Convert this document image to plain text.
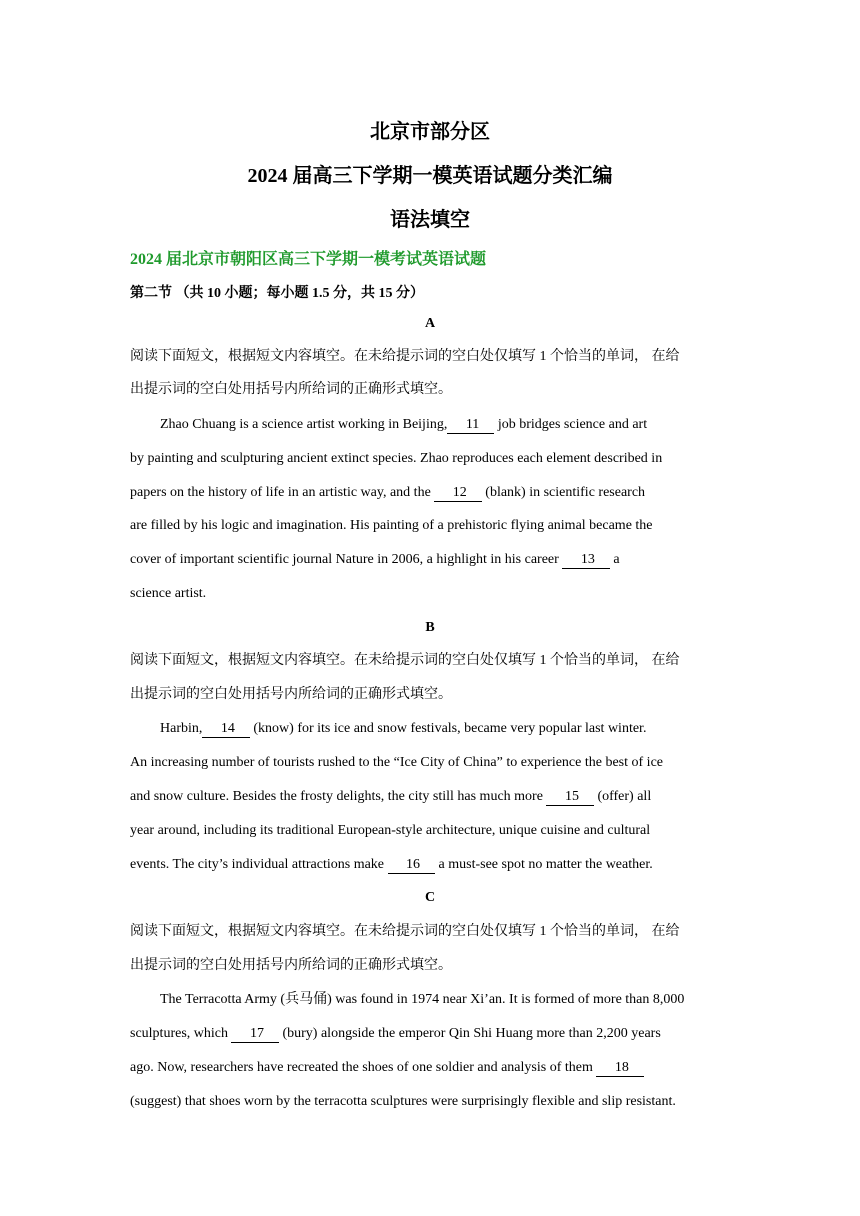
北京市部分区
2024 届高三下学期一模英语试题分类汇编
语法填空
2024 届北京市朝阳区高三下学期一模考试英语试题
第二节 （共 10 小题；每小题 1.5 分，共 15 分）
A
阅读下面短文，根据短文内容填空。在未给提示词的空白处仅填写 1 个恰当的单词， 在给
出提示词的空白处用括号内所给词的正确形式填空。
Zhao Chuang is a science artist working in Beijing, 11     job bridges science and art
by painting and sculpturing ancient extinct species. Zhao reproduces each element described in
papers on the history of life in an artistic way, and the      12     (blank) in scientific research
are filled by his logic and imagination. His painting of a prehistoric flying animal became the
cover of important scientific journal Nature in 2006, a highlight in his career      13     a
science artist.
B
阅读下面短文，根据短文内容填空。在未给提示词的空白处仅填写 1 个恰当的单词， 在给
出提示词的空白处用括号内所给词的正确形式填空。
Harbin, 14     (know) for its ice and snow festivals, became very popular last winter.
An increasing number of tourists rushed to the “Ice City of China” to experience the best of ice
and snow culture. Besides the frosty delights, the city still has much more      15     (offer) all
year around, including its traditional European-style architecture, unique cuisine and cultural
events. The city’s individual attractions make      16     a must-see spot no matter the weather.
C
阅读下面短文，根据短文内容填空。在未给提示词的空白处仅填写 1 个恰当的单词， 在给
出提示词的空白处用括号内所给词的正确形式填空。
The Terracotta Army (兵马俑) was found in 1974 near Xi’an. It is formed of more than 8,000
sculptures, which      17     (bury) alongside the emperor Qin Shi Huang more than 2,200 years
ago. Now, researchers have recreated the shoes of one soldier and analysis of them      18
(suggest) that shoes worn by the terracotta sculptures were surprisingly flexible and slip resistant.
